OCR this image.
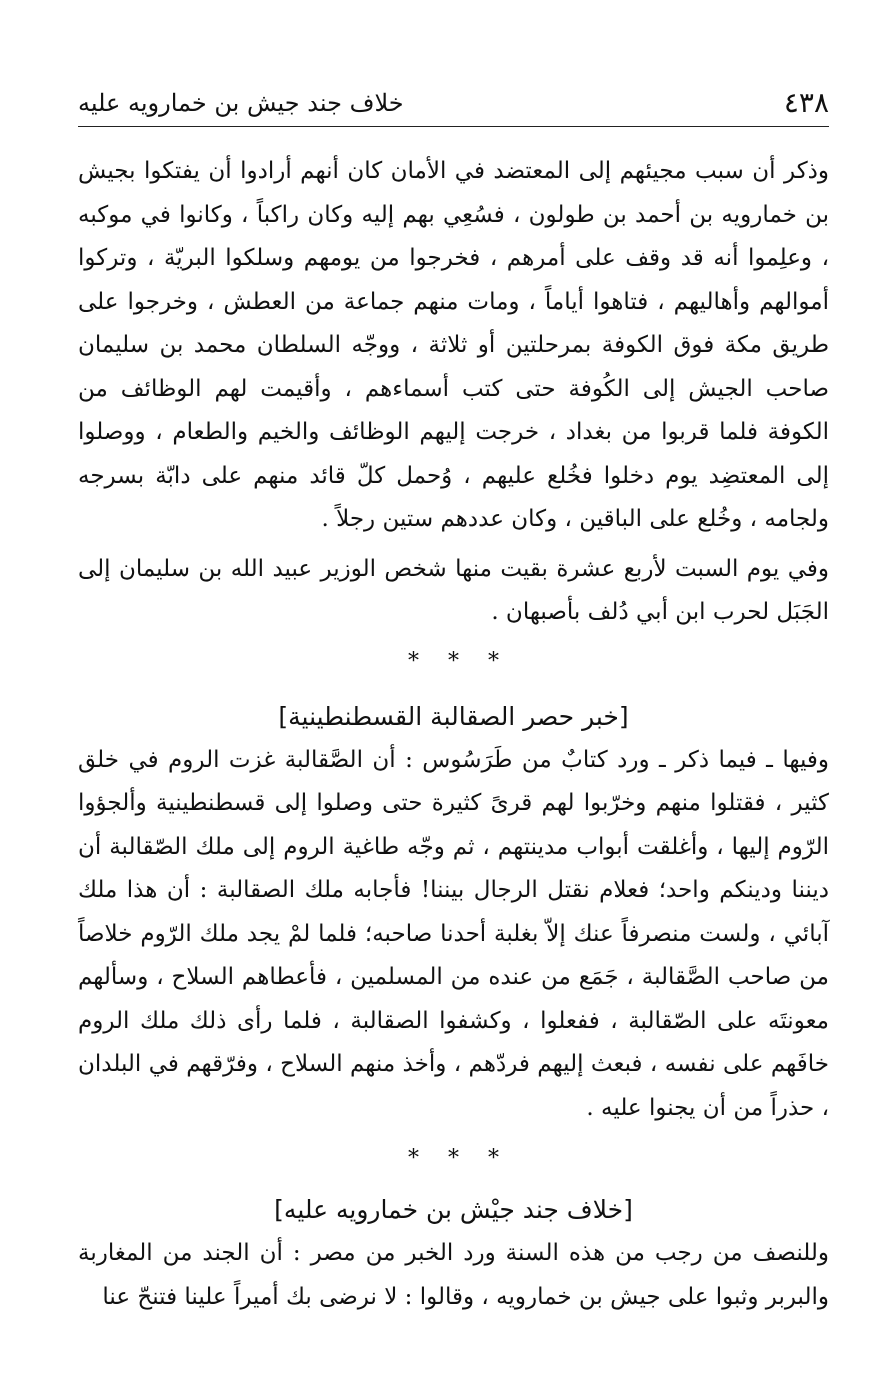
٤٣٨
خلاف جند جيش بن خمارويه عليه

وذكر أن سبب مجيئهم إلى المعتضد في الأمان كان أنهم أرادوا أن يفتكوا بجيش بن خمارويه بن أحمد بن طولون ، فسُعِي بهم إليه وكان راكباً ، وكانوا في موكبه ، وعلِموا أنه قد وقف على أمرهم ، فخرجوا من يومهم وسلكوا البريّة ، وتركوا أموالهم وأهاليهم ، فتاهوا أياماً ، ومات منهم جماعة من العطش ، وخرجوا على طريق مكة فوق الكوفة بمرحلتين أو ثلاثة ، ووجّه السلطان محمد بن سليمان صاحب الجيش إلى الكُوفة حتى كتب أسماءهم ، وأقيمت لهم الوظائف من الكوفة فلما قربوا من بغداد ، خرجت إليهم الوظائف والخيم والطعام ، ووصلوا إلى المعتضِد يوم دخلوا فخُلع عليهم ، وُحمل كلّ قائد منهم على دابّة بسرجه ولجامه ، وخُلع على الباقين ، وكان عددهم ستين رجلاً .

وفي يوم السبت لأربع عشرة بقيت منها شخص الوزير عبيد الله بن سليمان إلى الجَبَل لحرب ابن أبي دُلف بأصبهان .

* * *
[خبر حصر الصقالبة القسطنطينية]

وفيها ـ فيما ذكر ـ ورد كتابٌ من طَرَسُوس : أن الصَّقالبة غزت الروم في خلق كثير ، فقتلوا منهم وخرّبوا لهم قرىً كثيرة حتى وصلوا إلى قسطنطينية وألجؤوا الرّوم إليها ، وأغلقت أبواب مدينتهم ، ثم وجّه طاغية الروم إلى ملك الصّقالبة أن ديننا ودينكم واحد؛ فعلام نقتل الرجال بيننا! فأجابه ملك الصقالبة : أن هذا ملك آبائي ، ولست منصرفاً عنك إلاّ بغلبة أحدنا صاحبه؛ فلما لمْ يجد ملك الرّوم خلاصاً من صاحب الصَّقالبة ، جَمَع من عنده من المسلمين ، فأعطاهم السلاح ، وسألهم معونتَه على الصّقالبة ، ففعلوا ، وكشفوا الصقالبة ، فلما رأى ذلك ملك الروم خافَهم على نفسه ، فبعث إليهم فردّهم ، وأخذ منهم السلاح ، وفرّقهم في البلدان ، حذراً من أن يجنوا عليه .

* * *
[خلاف جند جيْش بن خمارويه عليه]

وللنصف من رجب من هذه السنة ورد الخبر من مصر : أن الجند من المغاربة والبربر وثبوا على جيش بن خمارويه ، وقالوا : لا نرضى بك أميراً علينا فتنحّ عنا
